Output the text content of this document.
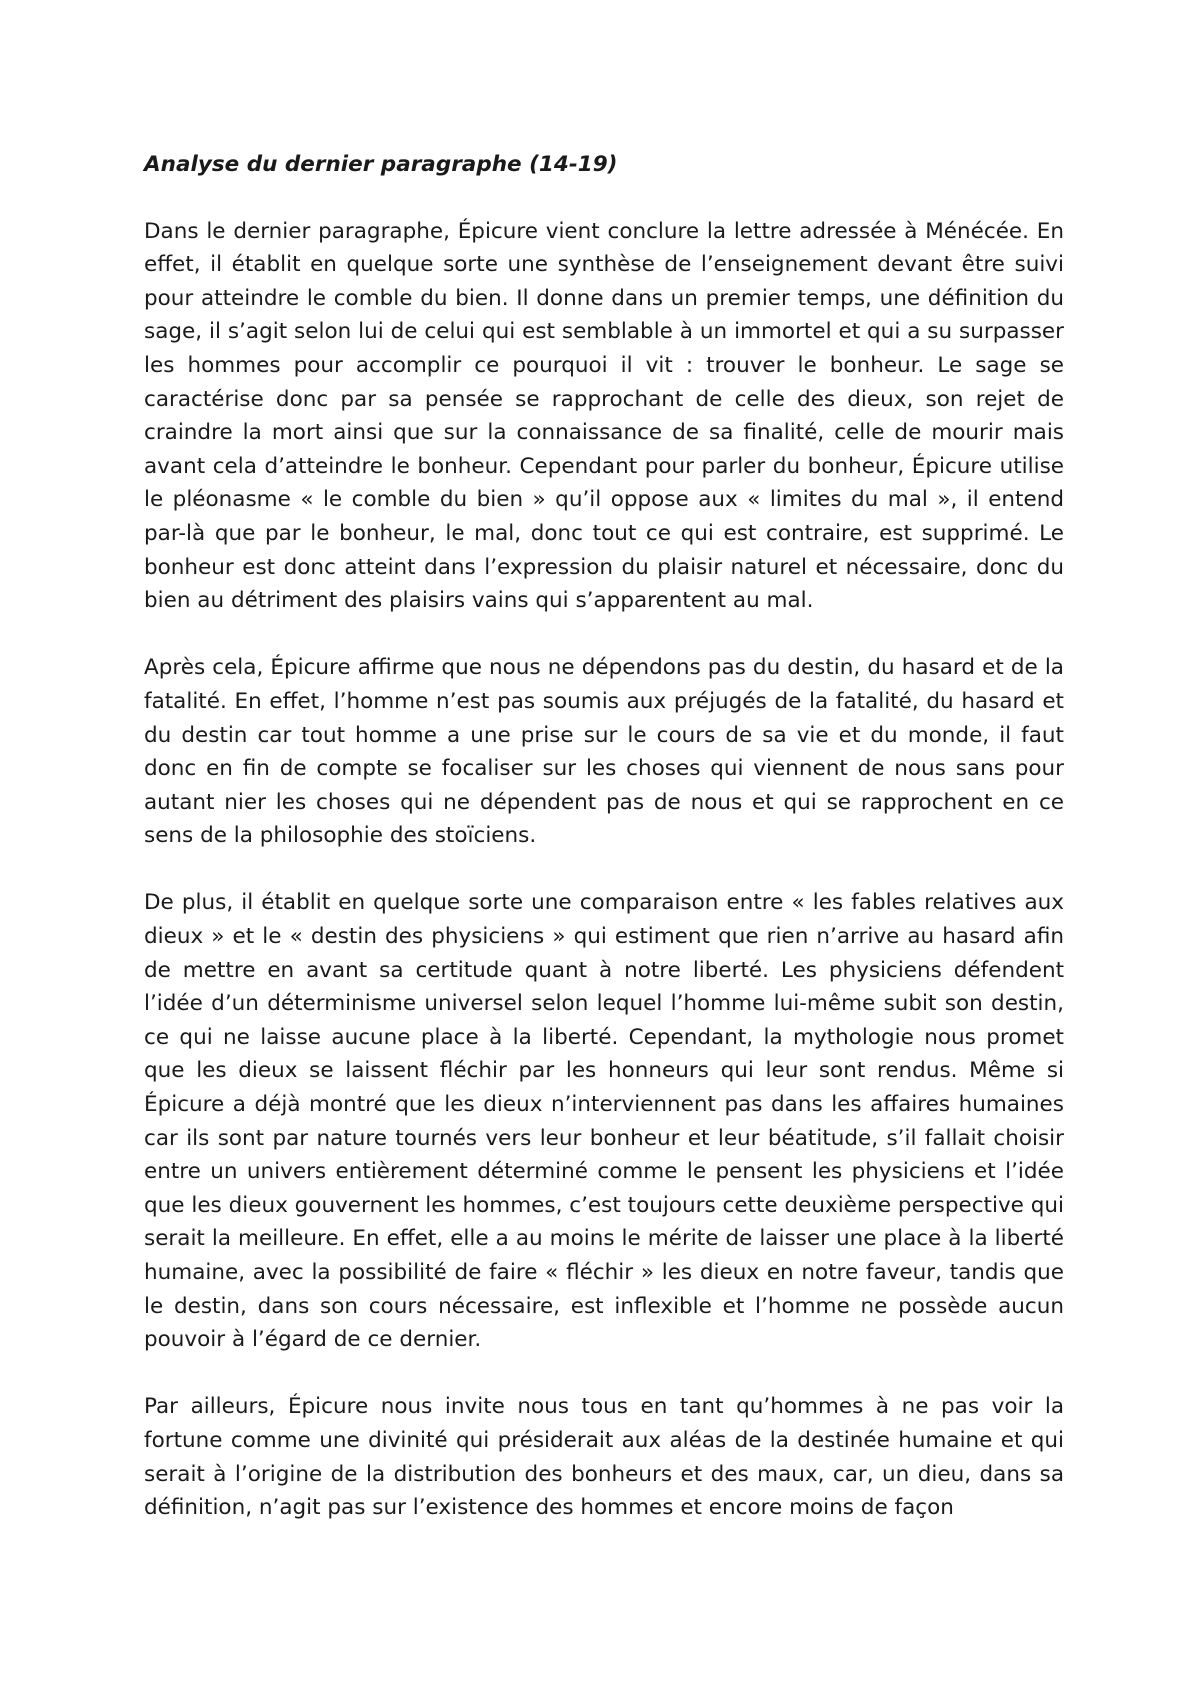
Analyse du dernier paragraphe (14-19)

Dans le dernier paragraphe, Épicure vient conclure la lettre adressée à Ménécée. En effet, il établit en quelque sorte une synthèse de l’enseignement devant être suivi pour atteindre le comble du bien. Il donne dans un premier temps, une définition du sage, il s’agit selon lui de celui qui est semblable à un immortel et qui a su surpasser les hommes pour accomplir ce pourquoi il vit : trouver le bonheur. Le sage se caractérise donc par sa pensée se rapprochant de celle des dieux, son rejet de craindre la mort ainsi que sur la connaissance de sa finalité, celle de mourir mais avant cela d’atteindre le bonheur. Cependant pour parler du bonheur, Épicure utilise le pléonasme « le comble du bien » qu’il oppose aux « limites du mal », il entend par-là que par le bonheur, le mal, donc tout ce qui est contraire, est supprimé. Le bonheur est donc atteint dans l’expression du plaisir naturel et nécessaire, donc du bien au détriment des plaisirs vains qui s’apparentent au mal.

Après cela, Épicure affirme que nous ne dépendons pas du destin, du hasard et de la fatalité. En effet, l’homme n’est pas soumis aux préjugés de la fatalité, du hasard et du destin car tout homme a une prise sur le cours de sa vie et du monde, il faut donc en fin de compte se focaliser sur les choses qui viennent de nous sans pour autant nier les choses qui ne dépendent pas de nous et qui se rapprochent en ce sens de la philosophie des stoïciens.

De plus, il établit en quelque sorte une comparaison entre « les fables relatives aux dieux » et le « destin des physiciens » qui estiment que rien n’arrive au hasard afin de mettre en avant sa certitude quant à notre liberté. Les physiciens défendent l’idée d’un déterminisme universel selon lequel l’homme lui-même subit son destin, ce qui ne laisse aucune place à la liberté. Cependant, la mythologie nous promet que les dieux se laissent fléchir par les honneurs qui leur sont rendus. Même si Épicure a déjà montré que les dieux n’interviennent pas dans les affaires humaines car ils sont par nature tournés vers leur bonheur et leur béatitude, s’il fallait choisir entre un univers entièrement déterminé comme le pensent les physiciens et l’idée que les dieux gouvernent les hommes, c’est toujours cette deuxième perspective qui serait la meilleure. En effet, elle a au moins le mérite de laisser une place à la liberté humaine, avec la possibilité de faire « fléchir » les dieux en notre faveur, tandis que le destin, dans son cours nécessaire, est inflexible et l’homme ne possède aucun pouvoir à l’égard de ce dernier.

Par ailleurs, Épicure nous invite nous tous en tant qu’hommes à ne pas voir la fortune comme une divinité qui présiderait aux aléas de la destinée humaine et qui serait à l’origine de la distribution des bonheurs et des maux, car, un dieu, dans sa définition, n’agit pas sur l’existence des hommes et encore moins de façon
